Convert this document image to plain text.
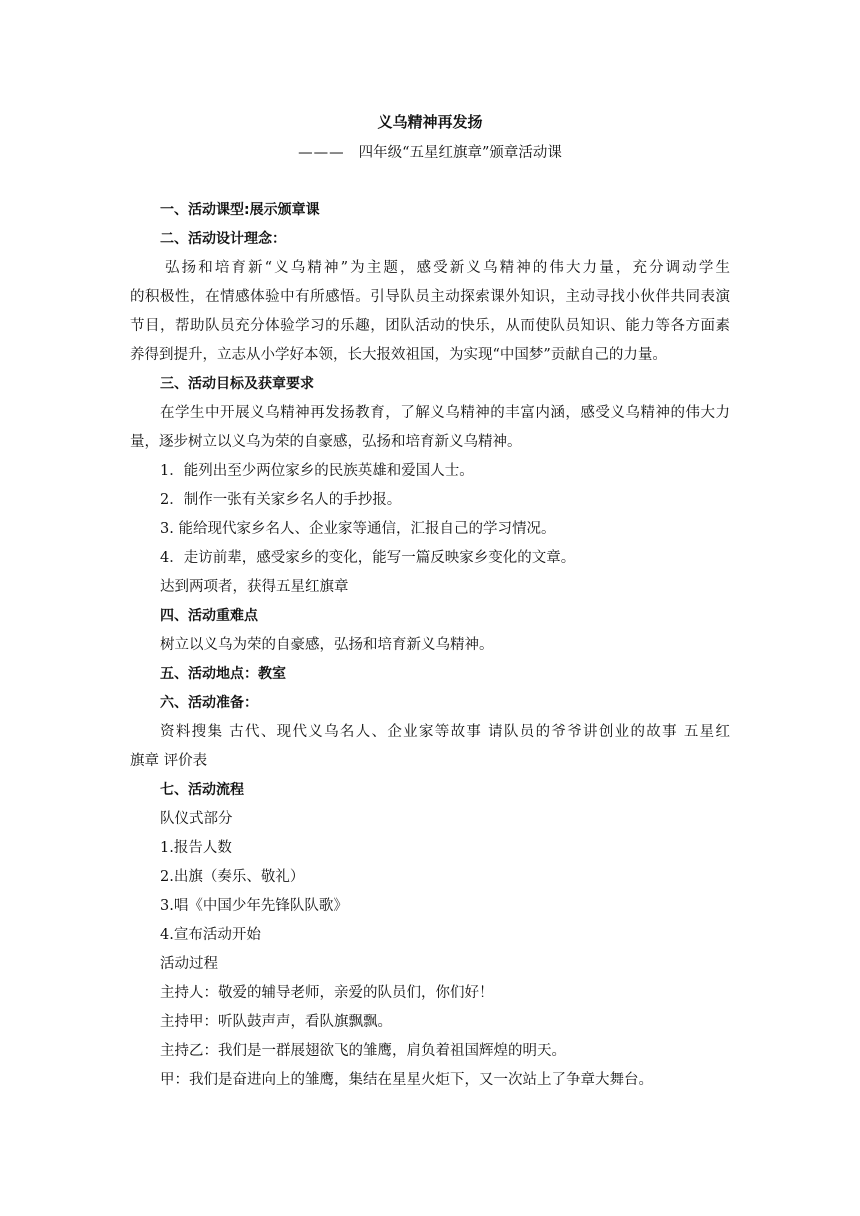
义乌精神再发扬
——— 四年级“五星红旗章”颁章活动课
一、活动课型:展示颁章课
二、活动设计理念：
弘扬和培育新“义乌精神”为主题，感受新义乌精神的伟大力量，充分调动学生
的积极性，在情感体验中有所感悟。引导队员主动探索课外知识，主动寻找小伙伴共同表演
节目，帮助队员充分体验学习的乐趣，团队活动的快乐，从而使队员知识、能力等各方面素
养得到提升，立志从小学好本领，长大报效祖国，为实现“中国梦”贡献自己的力量。
三、活动目标及获章要求
在学生中开展义乌精神再发扬教育，了解义乌精神的丰富内涵，感受义乌精神的伟大力
量，逐步树立以义乌为荣的自豪感，弘扬和培育新义乌精神。
1．能列出至少两位家乡的民族英雄和爱国人士。
2．制作一张有关家乡名人的手抄报。
3. 能给现代家乡名人、企业家等通信，汇报自己的学习情况。
4．走访前辈，感受家乡的变化，能写一篇反映家乡变化的文章。
达到两项者，获得五星红旗章
四、活动重难点
树立以义乌为荣的自豪感，弘扬和培育新义乌精神。
五、活动地点：教室
六、活动准备：
资料搜集 古代、现代义乌名人、企业家等故事 请队员的爷爷讲创业的故事 五星红
旗章 评价表
七、活动流程
队仪式部分
1.报告人数
2.出旗（奏乐、敬礼）
3.唱《中国少年先锋队队歌》
4.宣布活动开始
活动过程
主持人：敬爱的辅导老师，亲爱的队员们，你们好！
主持甲：听队鼓声声，看队旗飘飘。
主持乙：我们是一群展翅欲飞的雏鹰，肩负着祖国辉煌的明天。
甲：我们是奋进向上的雏鹰，集结在星星火炬下，又一次站上了争章大舞台。
